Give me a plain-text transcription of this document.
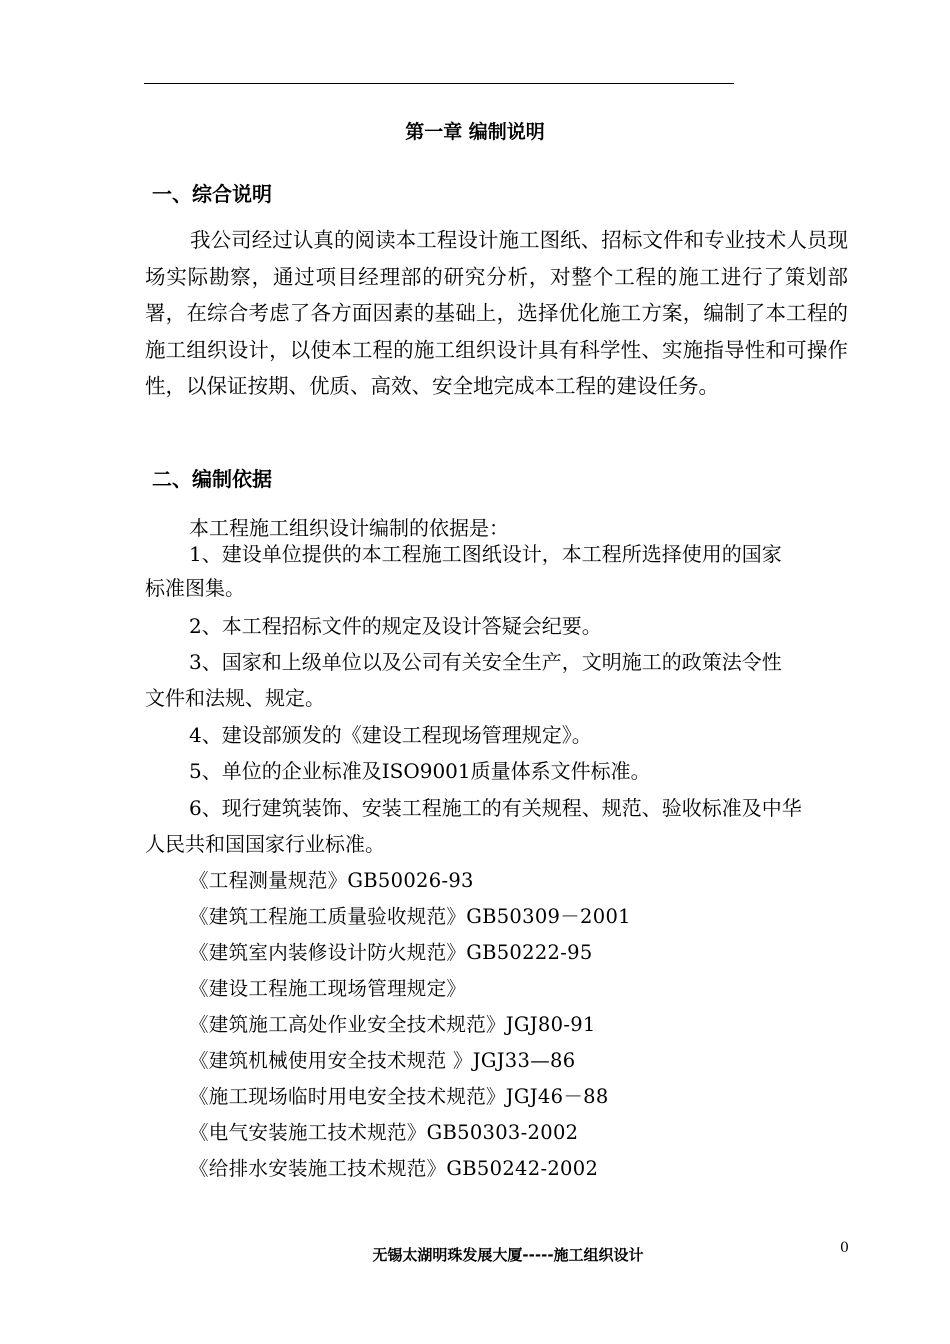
第一章 编制说明
一、综合说明

我公司经过认真的阅读本工程设计施工图纸、招标文件和专业技术人员现场实际勘察，通过项目经理部的研究分析，对整个工程的施工进行了策划部署，在综合考虑了各方面因素的基础上，选择优化施工方案，编制了本工程的施工组织设计，以使本工程的施工组织设计具有科学性、实施指导性和可操作性，以保证按期、优质、高效、安全地完成本工程的建设任务。

二、编制依据
本工程施工组织设计编制的依据是：
1、建设单位提供的本工程施工图纸设计，本工程所选择使用的国家
标准图集。
2、本工程招标文件的规定及设计答疑会纪要。
3、国家和上级单位以及公司有关安全生产，文明施工的政策法令性
文件和法规、规定。
4、建设部颁发的《建设工程现场管理规定》。
5、单位的企业标准及ISO9001质量体系文件标准。
6、现行建筑装饰、安装工程施工的有关规程、规范、验收标准及中华
人民共和国国家行业标准。
《工程测量规范》GB50026-93
《建筑工程施工质量验收规范》GB50309－2001
《建筑室内装修设计防火规范》GB50222-95
《建设工程施工现场管理规定》
《建筑施工高处作业安全技术规范》JGJ80-91
《建筑机械使用安全技术规范 》JGJ33—86
《施工现场临时用电安全技术规范》JGJ46－88
《电气安装施工技术规范》GB50303-2002
《给排水安装施工技术规范》GB50242-2002
无锡太湖明珠发展大厦-----施工组织设计	0
